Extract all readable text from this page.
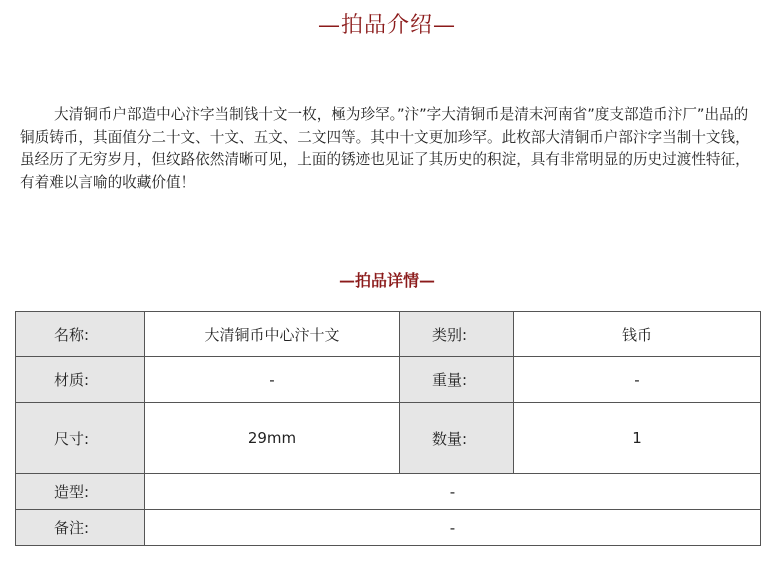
—拍品介绍—

大清铜币户部造中心汴字当制钱十文一枚，極为珍罕。”汴”字大清铜币是清末河南省”度支部造币汴厂”出品的铜质铸币，其面值分二十文、十文、五文、二文四等。其中十文更加珍罕。此枚部大清铜币户部汴字当制十文钱，虽经历了无穷岁月，但纹路依然清晰可见，上面的锈迹也见证了其历史的积淀，具有非常明显的历史过渡性特征，有着难以言喻的收藏价值！

—拍品详情—
名称:	大清铜币中心汴十文	类别:	钱币
材质:	-	重量:	-
尺寸:	29mm	数量:	1
造型:	-		
备注:	-		
